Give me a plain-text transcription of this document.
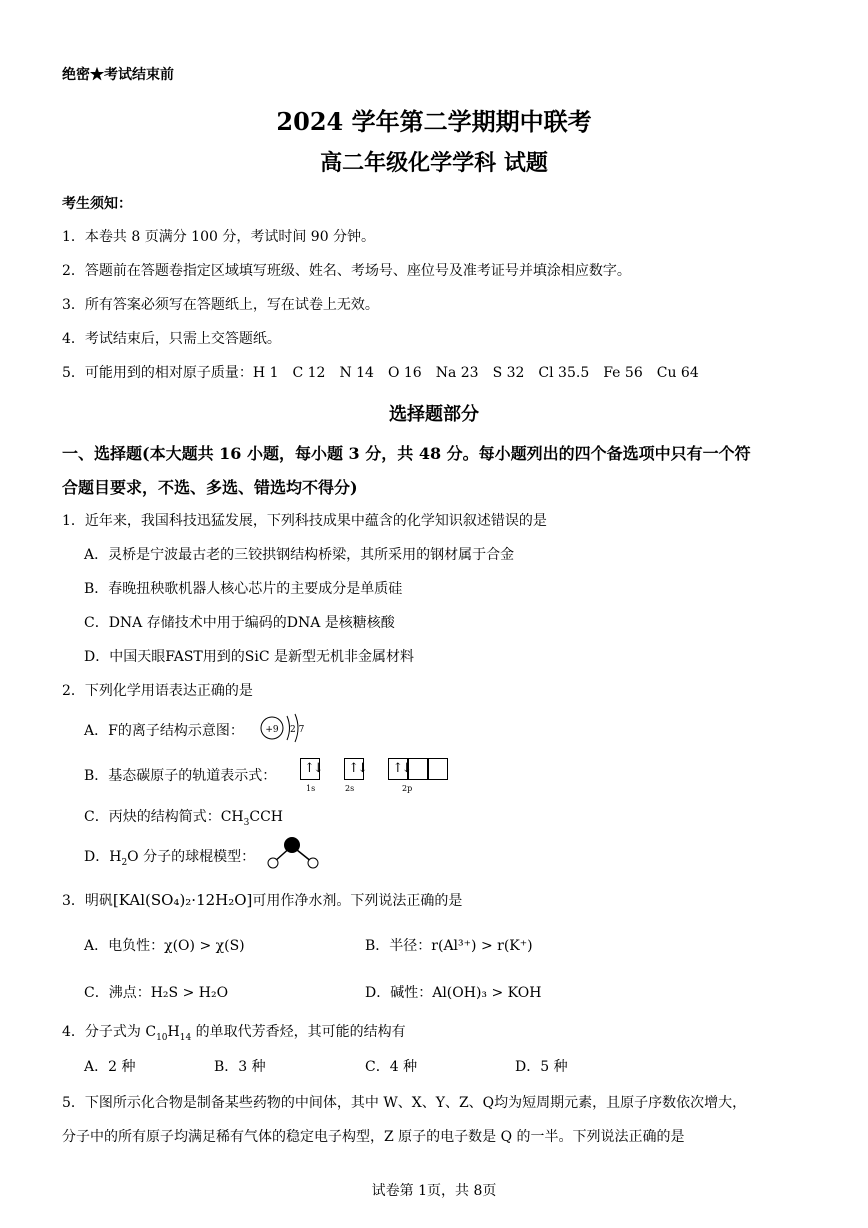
绝密★考试结束前
2024 学年第二学期期中联考
高二年级化学学科 试题
考生须知：
1．本卷共 8 页满分 100 分，考试时间 90 分钟。
2．答题前在答题卷指定区域填写班级、姓名、考场号、座位号及准考证号并填涂相应数字。
3．所有答案必须写在答题纸上，写在试卷上无效。
4．考试结束后，只需上交答题纸。
5．可能用到的相对原子质量：H 1　C 12　N 14　O 16　Na 23　S 32　Cl 35.5　Fe 56　Cu 64
选择题部分
一、选择题(本大题共 16 小题，每小题 3 分，共 48 分。每小题列出的四个备选项中只有一个符
合题目要求，不选、多选、错选均不得分)
1．近年来，我国科技迅猛发展，下列科技成果中蕴含的化学知识叙述错误的是
A．灵桥是宁波最古老的三铰拱钢结构桥梁，其所采用的钢材属于合金
B．春晚扭秧歌机器人核心芯片的主要成分是单质硅
C．DNA 存储技术中用于编码的DNA 是核糖核酸
D．中国天眼FAST用到的SiC 是新型无机非金属材料
2．下列化学用语表达正确的是
A．F的离子结构示意图： +9 2 7
B．基态碳原子的轨道表示式： ↑↓
↑↓
↑↓
1s	2s	2p
C．丙炔的结构简式：$CH_3CCH$
D．$H_2O$ 分子的球棍模型：
3．明矾[KAl(SO₄)₂·12H₂O]可用作净水剂。下列说法正确的是
A．电负性：χ(O) > χ(S)	B．半径：r(Al³⁺) > r(K⁺)
C．沸点：H₂S > H₂O	D．碱性：Al(OH)₃ > KOH
4．分子式为 $C_{10}H_{14}$ 的单取代芳香烃，其可能的结构有
A．2 种	B．3 种	C．4 种	D．5 种
5．下图所示化合物是制备某些药物的中间体，其中 W、X、Y、Z、Q均为短周期元素，且原子序数依次增大，
分子中的所有原子均满足稀有气体的稳定电子构型，Z 原子的电子数是 Q 的一半。下列说法正确的是
试卷第 1页，共 8页
